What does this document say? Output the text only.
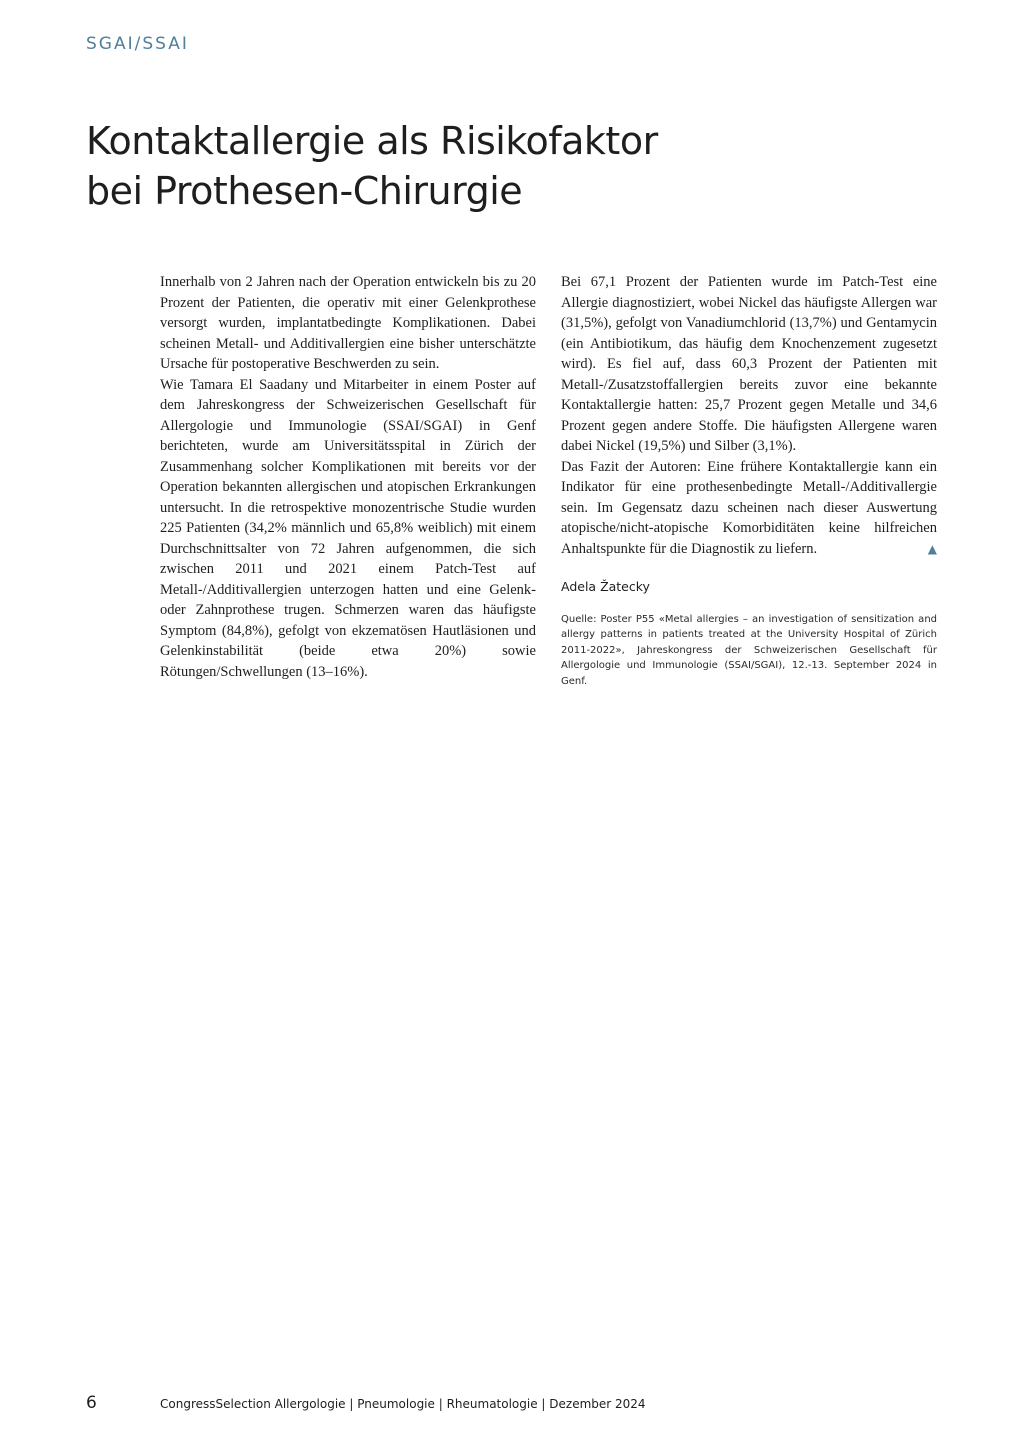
SGAI/SSAI
Kontaktallergie als Risikofaktor
bei Prothesen-Chirurgie

Innerhalb von 2 Jahren nach der Operation entwickeln bis zu 20 Prozent der Patienten, die operativ mit einer Gelenkprothese versorgt wurden, implantatbedingte Komplikationen. Dabei scheinen Metall- und Additivallergien eine bisher unterschätzte Ursache für postoperative Beschwerden zu sein.

Wie Tamara El Saadany und Mitarbeiter in einem Poster auf dem Jahreskongress der Schweizerischen Gesellschaft für Allergologie und Immunologie (SSAI/SGAI) in Genf berichteten, wurde am Universitätsspital in Zürich der Zusammenhang solcher Komplikationen mit bereits vor der Operation bekannten allergischen und atopischen Erkrankungen untersucht. In die retrospektive monozentrische Studie wurden 225 Patienten (34,2% männlich und 65,8% weiblich) mit einem Durchschnittsalter von 72 Jahren aufgenommen, die sich zwischen 2011 und 2021 einem Patch-Test auf Metall-/Additivallergien unterzogen hatten und eine Gelenk- oder Zahnprothese trugen. Schmerzen waren das häufigste Symptom (84,8%), gefolgt von ekzematösen Hautläsionen und Gelenkinstabilität (beide etwa 20%) sowie Rötungen/Schwellungen (13–16%).

Bei 67,1 Prozent der Patienten wurde im Patch-Test eine Allergie diagnostiziert, wobei Nickel das häufigste Allergen war (31,5%), gefolgt von Vanadiumchlorid (13,7%) und Gentamycin (ein Antibiotikum, das häufig dem Knochenzement zugesetzt wird). Es fiel auf, dass 60,3 Prozent der Patienten mit Metall-/Zusatzstoffallergien bereits zuvor eine bekannte Kontaktallergie hatten: 25,7 Prozent gegen Metalle und 34,6 Prozent gegen andere Stoffe. Die häufigsten Allergene waren dabei Nickel (19,5%) und Silber (3,1%).

Das Fazit der Autoren: Eine frühere Kontaktallergie kann ein Indikator für eine prothesenbedingte Metall-/Additivallergie sein. Im Gegensatz dazu scheinen nach dieser Auswertung atopische/nicht-atopische Komorbiditäten keine hilfreichen Anhaltspunkte für die Diagnostik zu liefern.	▲

Adela Žatecky
Quelle: Poster P55 «Metal allergies – an investigation of sensitization and allergy patterns in patients treated at the University Hospital of Zürich 2011-2022», Jahreskongress der Schweizerischen Gesellschaft für Allergologie und Immunologie (SSAI/SGAI), 12.-13. September 2024 in Genf.
6	CongressSelection Allergologie | Pneumologie | Rheumatologie | Dezember 2024
